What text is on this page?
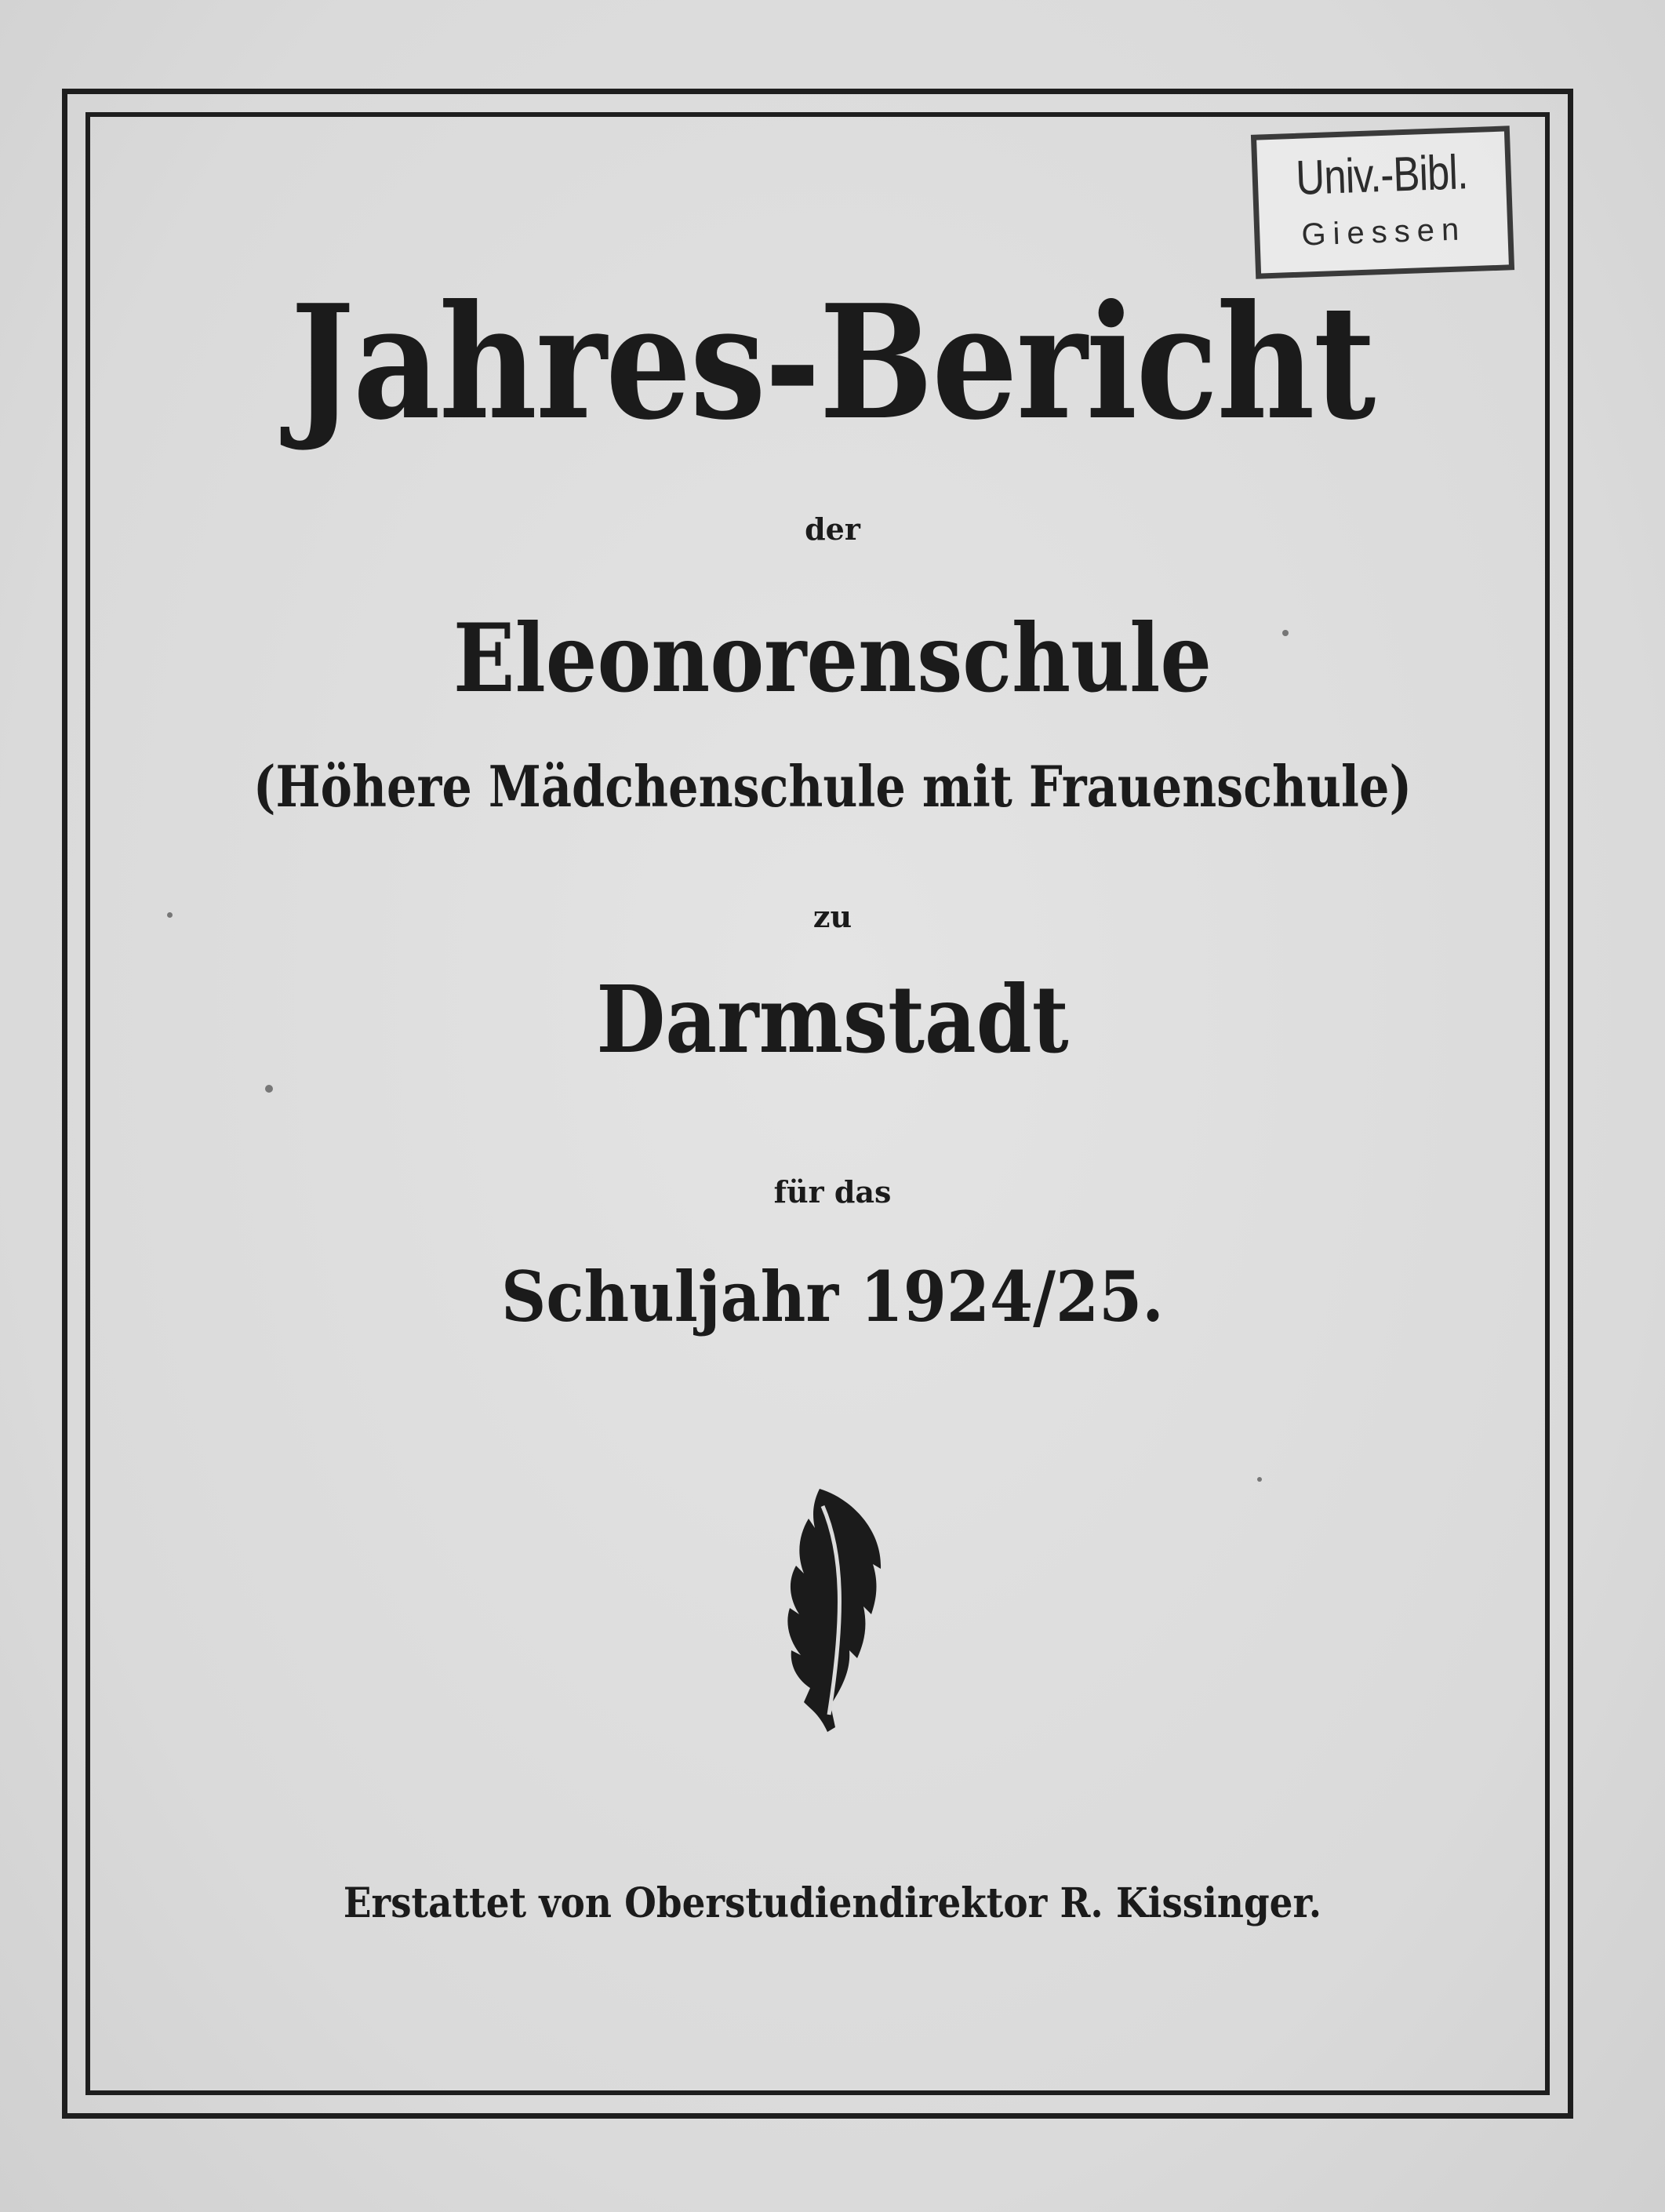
Univ.-Bibl.
Giessen
Jahres-Bericht
der
Eleonorenschule
(Höhere Mädchenschule mit Frauenschule)
zu
Darmstadt
für das
Schuljahr 1924/25.
Erstattet von Oberstudiendirektor R. Kissinger.
